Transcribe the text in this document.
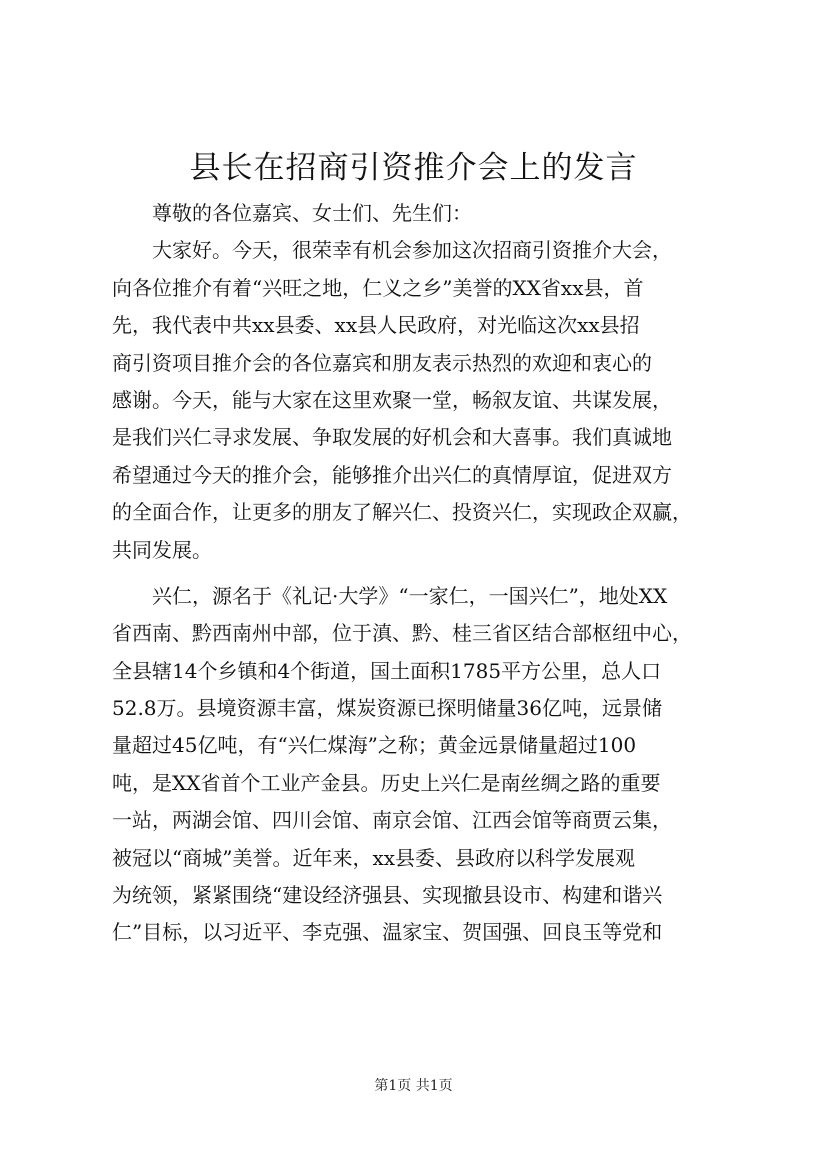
县长在招商引资推介会上的发言
　　尊敬的各位嘉宾、女士们、先生们：
　　大家好。今天，很荣幸有机会参加这次招商引资推介大会，
向各位推介有着“兴旺之地，仁义之乡”美誉的XX省xx县，首
先，我代表中共xx县委、xx县人民政府，对光临这次xx县招
商引资项目推介会的各位嘉宾和朋友表示热烈的欢迎和衷心的
感谢。今天，能与大家在这里欢聚一堂，畅叙友谊、共谋发展，
是我们兴仁寻求发展、争取发展的好机会和大喜事。我们真诚地
希望通过今天的推介会，能够推介出兴仁的真情厚谊，促进双方
的全面合作，让更多的朋友了解兴仁、投资兴仁，实现政企双赢，
共同发展。
　　兴仁，源名于《礼记·大学》“一家仁，一国兴仁”，地处XX
省西南、黔西南州中部，位于滇、黔、桂三省区结合部枢纽中心，
全县辖14个乡镇和4个街道，国土面积1785平方公里，总人口
52.8万。县境资源丰富，煤炭资源已探明储量36亿吨，远景储
量超过45亿吨，有“兴仁煤海”之称；黄金远景储量超过100
吨，是XX省首个工业产金县。历史上兴仁是南丝绸之路的重要
一站，两湖会馆、四川会馆、南京会馆、江西会馆等商贾云集，
被冠以“商城”美誉。近年来，xx县委、县政府以科学发展观
为统领，紧紧围绕“建设经济强县、实现撤县设市、构建和谐兴
仁”目标，以习近平、李克强、温家宝、贺国强、回良玉等党和
第1页 共1页
